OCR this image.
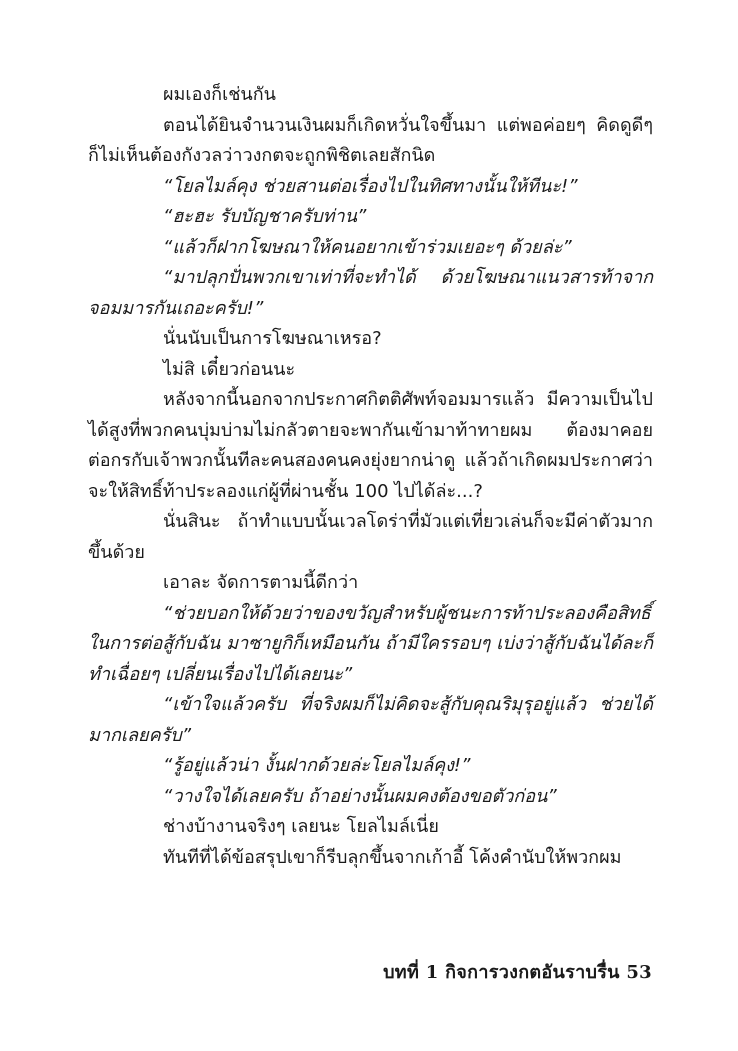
ผมเองก็เช่นกัน

ตอนได้ยินจำนวนเงินผมก็เกิดหวั่นใจขึ้นมา แต่พอค่อยๆ คิดดูดีๆ ก็ไม่เห็นต้องกังวลว่าวงกตจะถูกพิชิตเลยสักนิด

“โยลไมล์คุง ช่วยสานต่อเรื่องไปในทิศทางนั้นให้ทีนะ!”

“ฮะฮะ รับบัญชาครับท่าน”

“แล้วก็ฝากโฆษณาให้คนอยากเข้าร่วมเยอะๆ ด้วยล่ะ”

“มาปลุกปั่นพวกเขาเท่าที่จะทำได้ ด้วยโฆษณาแนวสารท้าจากจอมมารกันเถอะครับ!”

นั่นนับเป็นการโฆษณาเหรอ?

ไม่สิ เดี๋ยวก่อนนะ

หลังจากนี้นอกจากประกาศกิตติศัพท์จอมมารแล้ว มีความเป็นไปได้สูงที่พวกคนบุ่มบ่ามไม่กลัวตายจะพากันเข้ามาท้าทายผม ต้องมาคอยต่อกรกับเจ้าพวกนั้นทีละคนสองคนคงยุ่งยากน่าดู แล้วถ้าเกิดผมประกาศว่าจะให้สิทธิ์ท้าประลองแก่ผู้ที่ผ่านชั้น 100 ไปได้ล่ะ...?

นั่นสินะ ถ้าทำแบบนั้นเวลโดร่าที่มัวแต่เที่ยวเล่นก็จะมีค่าตัวมากขึ้นด้วย

เอาละ จัดการตามนี้ดีกว่า

“ช่วยบอกให้ด้วยว่าของขวัญสำหรับผู้ชนะการท้าประลองคือสิทธิ์ในการต่อสู้กับฉัน มาซายูกิก็เหมือนกัน ถ้ามีใครรอบๆ เบ่งว่าสู้กับฉันได้ละก็ทำเฉื่อยๆ เปลี่ยนเรื่องไปได้เลยนะ”

“เข้าใจแล้วครับ ที่จริงผมก็ไม่คิดจะสู้กับคุณริมุรุอยู่แล้ว ช่วยได้มากเลยครับ”

“รู้อยู่แล้วน่า งั้นฝากด้วยล่ะโยลไมล์คุง!”

“วางใจได้เลยครับ ถ้าอย่างนั้นผมคงต้องขอตัวก่อน”

ช่างบ้างานจริงๆ เลยนะ โยลไมล์เนี่ย

ทันทีที่ได้ข้อสรุปเขาก็รีบลุกขึ้นจากเก้าอี้ โค้งคำนับให้พวกผม

บทที่ 1 กิจการวงกตอันราบรื่น 53
